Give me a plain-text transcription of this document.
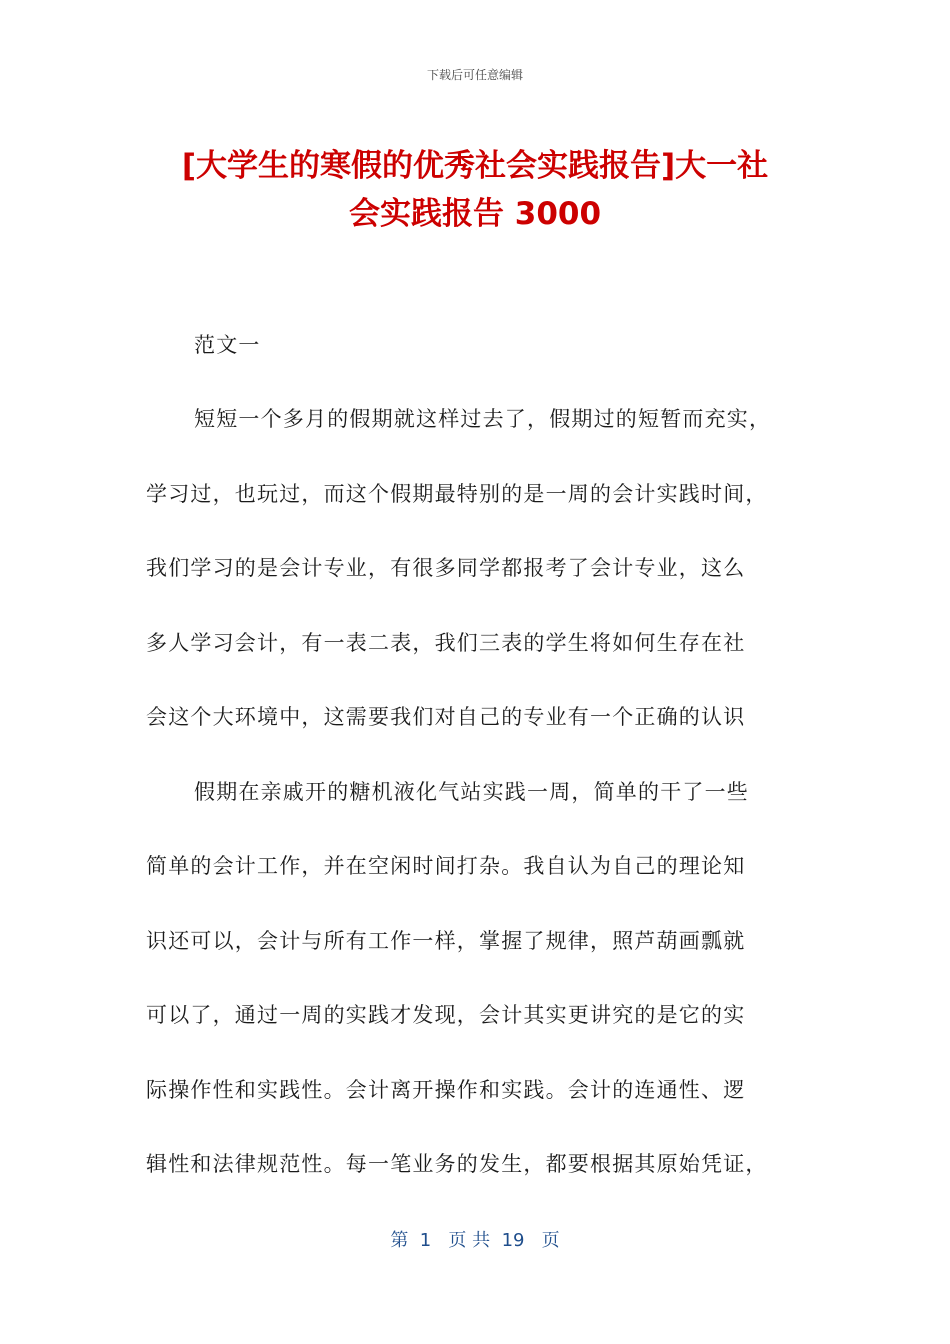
下载后可任意编辑
[大学生的寒假的优秀社会实践报告]大一社
会实践报告 3000
范文一
短短一个多月的假期就这样过去了，假期过的短暂而充实，
学习过，也玩过，而这个假期最特别的是一周的会计实践时间，
我们学习的是会计专业，有很多同学都报考了会计专业，这么
多人学习会计，有一表二表，我们三表的学生将如何生存在社
会这个大环境中，这需要我们对自己的专业有一个正确的认识
假期在亲戚开的糖机液化气站实践一周，简单的干了一些
简单的会计工作，并在空闲时间打杂。我自认为自己的理论知
识还可以，会计与所有工作一样，掌握了规律，照芦葫画瓢就
可以了，通过一周的实践才发现，会计其实更讲究的是它的实
际操作性和实践性。会计离开操作和实践。会计的连通性、逻
辑性和法律规范性。每一笔业务的发生，都要根据其原始凭证，
第  1   页 共  19   页
